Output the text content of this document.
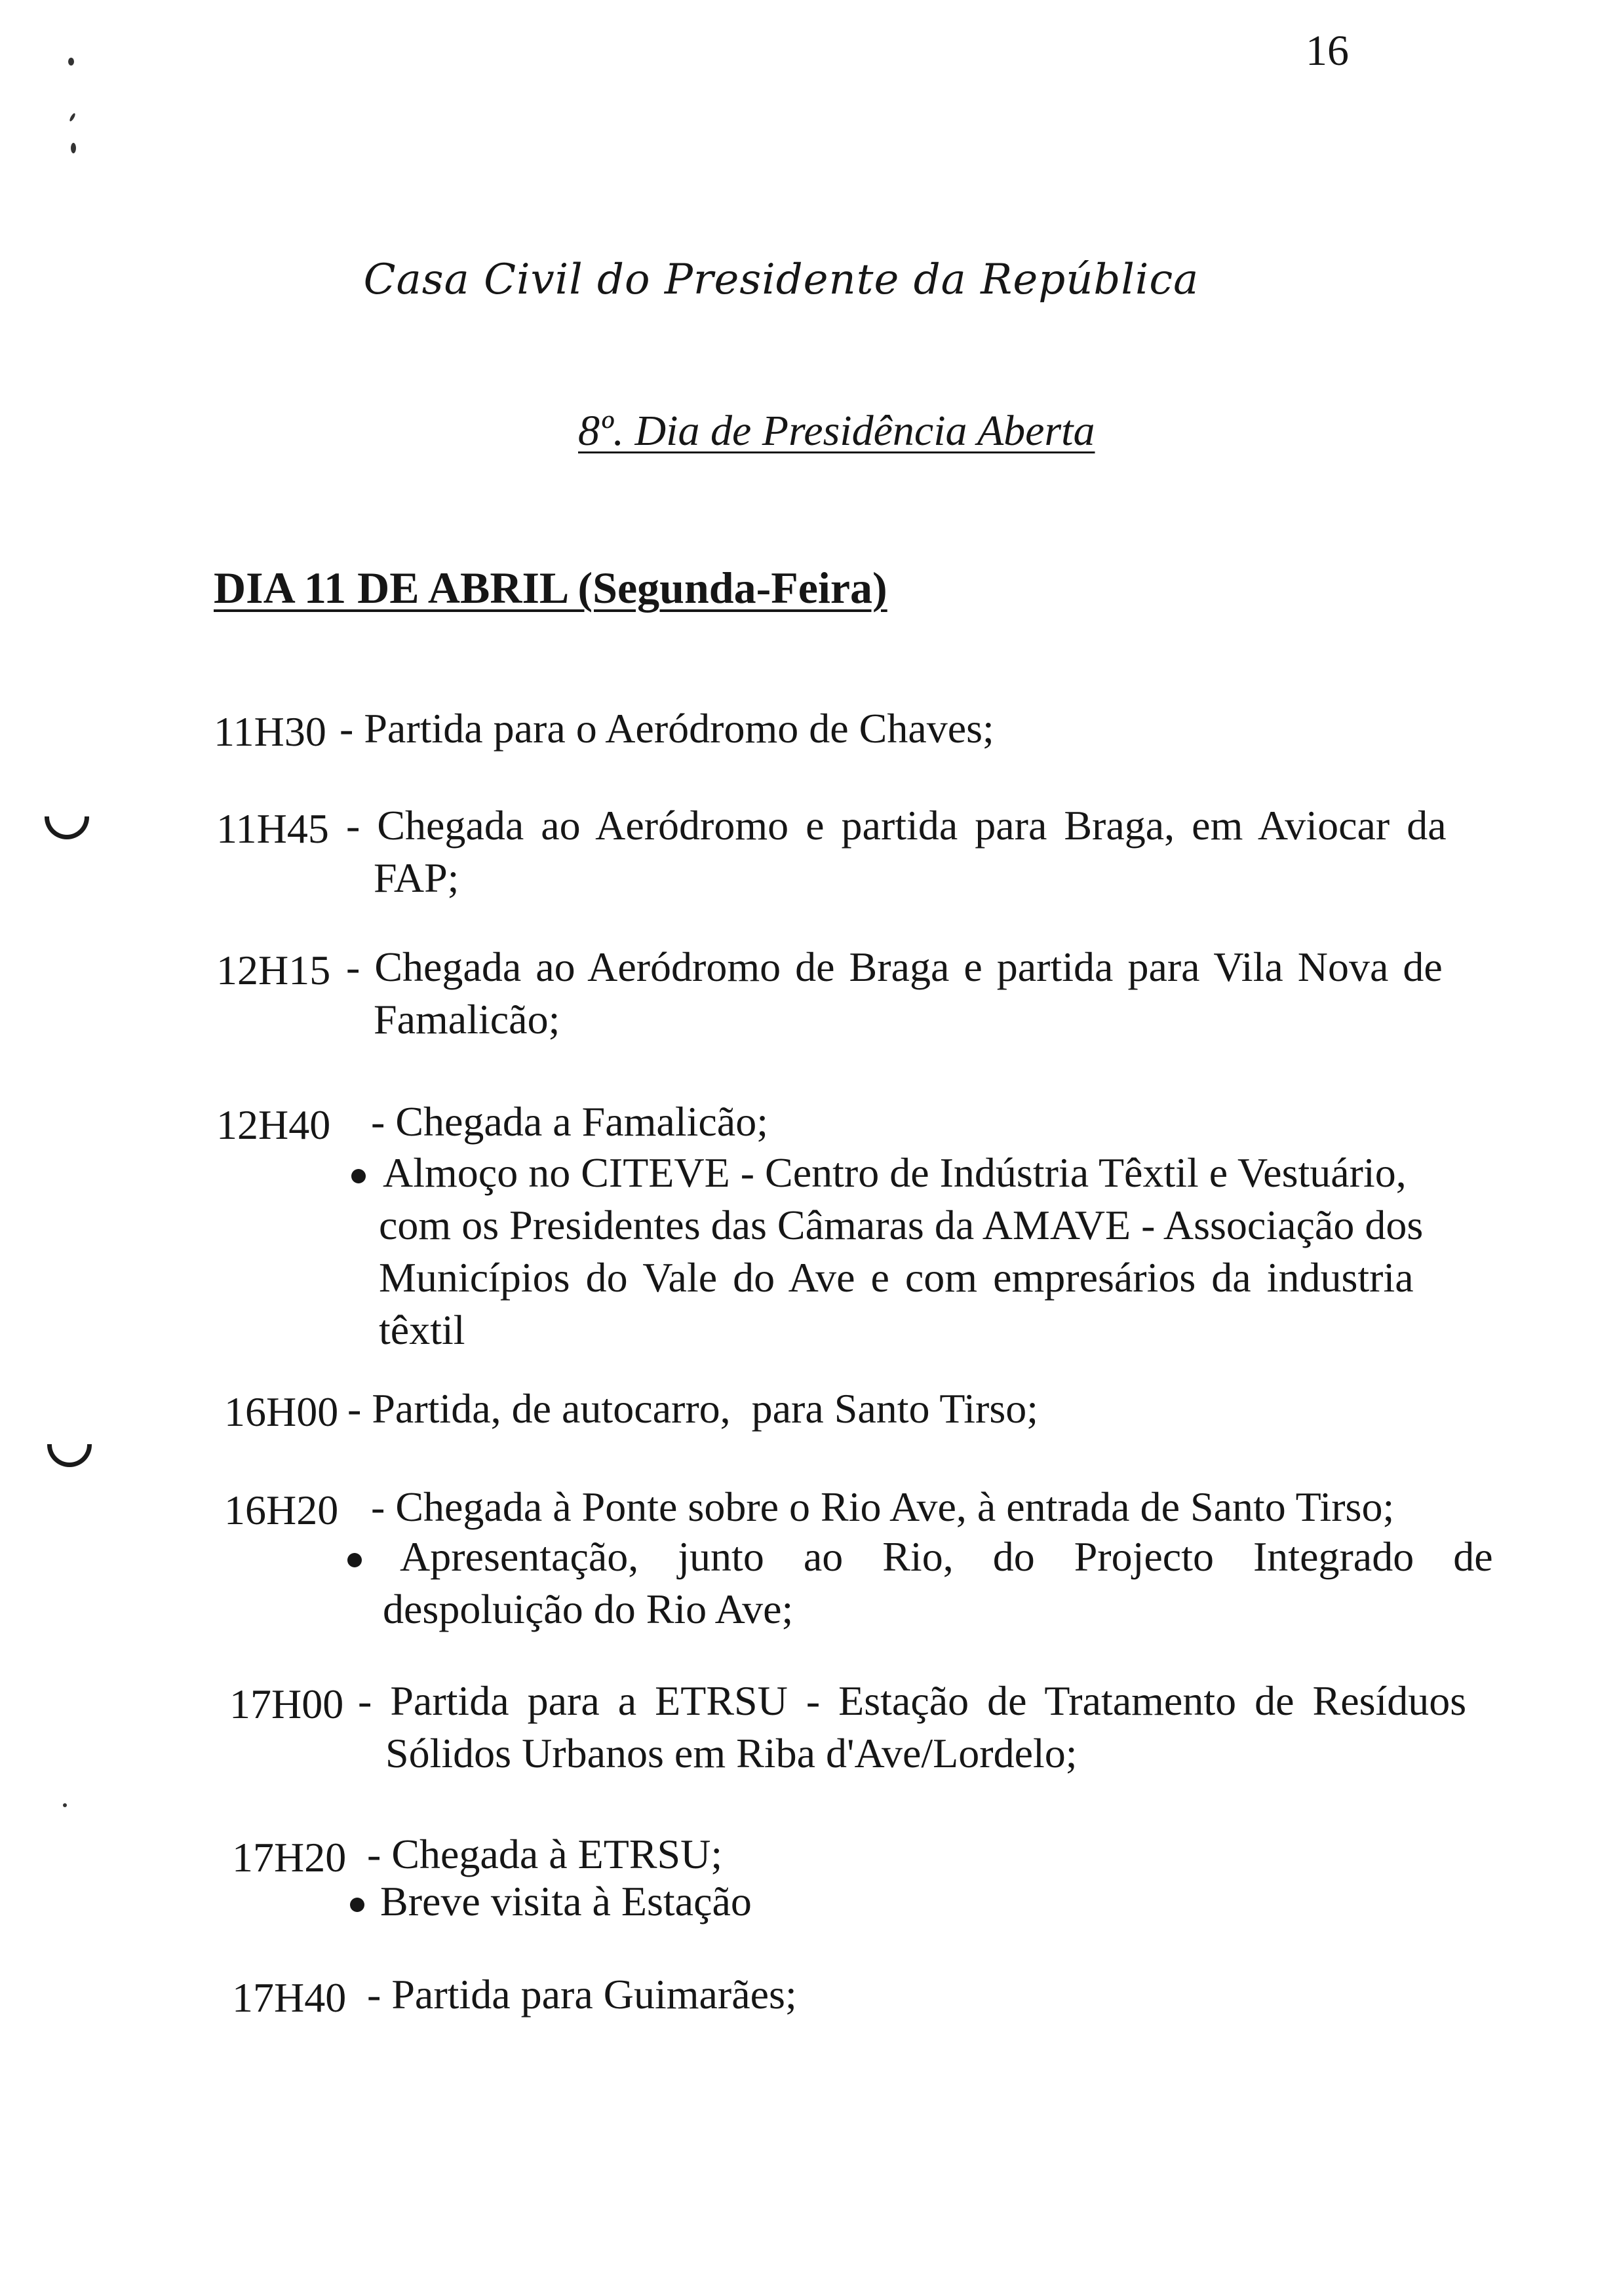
16
Casa Civil do Presidente da República
8º. Dia de Presidência Aberta
DIA 11 DE ABRIL (Segunda-Feira)
11H30 - Partida para o Aeródromo de Chaves;
11H45 - Chegada ao Aeródromo e partida para Braga, em Aviocar da
FAP;
12H15 - Chegada ao Aeródromo de Braga e partida para Vila Nova de
Famalicão;
12H40 - Chegada a Famalicão;
Almoço no CITEVE - Centro de Indústria Têxtil e Vestuário,
com os Presidentes das Câmaras da AMAVE - Associação dos
Municípios do Vale do Ave e com empresários da industria
têxtil
16H00 - Partida, de autocarro,  para Santo Tirso;
16H20 - Chegada à Ponte sobre o Rio Ave, à entrada de Santo Tirso;
Apresentação, junto ao Rio, do Projecto Integrado de
despoluição do Rio Ave;
17H00 - Partida para a ETRSU - Estação de Tratamento de Resíduos
Sólidos Urbanos em Riba d'Ave/Lordelo;
17H20 - Chegada à ETRSU;
Breve visita à Estação
17H40 - Partida para Guimarães;
